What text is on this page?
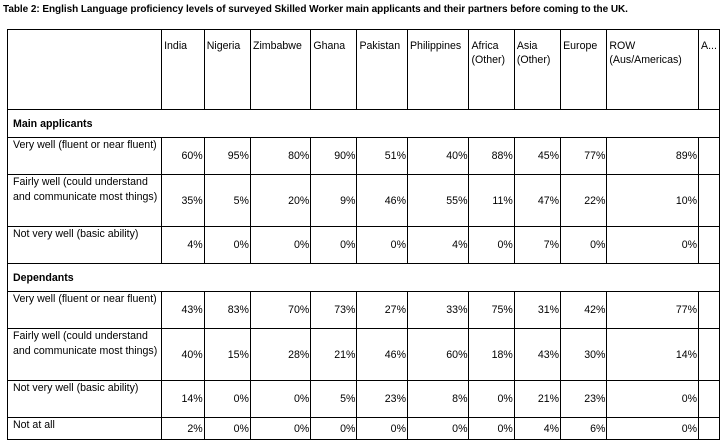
Table 2: English Language proficiency levels of surveyed Skilled Worker main applicants and their partners before coming to the UK.
	India	Nigeria	Zimbabwe	Ghana	Pakistan	Philippines	Africa (Other)	Asia (Other)	Europe	ROW (Aus/Americas)	A...
Main applicants											
Very well (fluent or near fluent)	60%	95%	80%	90%	51%	40%	88%	45%	77%	89%	
Fairly well (could understand and communicate most things)	35%	5%	20%	9%	46%	55%	11%	47%	22%	10%	
Not very well (basic ability)	4%	0%	0%	0%	0%	4%	0%	7%	0%	0%	
Dependants											
Very well (fluent or near fluent)	43%	83%	70%	73%	27%	33%	75%	31%	42%	77%	
Fairly well (could understand and communicate most things)	40%	15%	28%	21%	46%	60%	18%	43%	30%	14%	
Not very well (basic ability)	14%	0%	0%	5%	23%	8%	0%	21%	23%	0%	
Not at all	2%	0%	0%	0%	0%	0%	0%	4%	6%	0%	
